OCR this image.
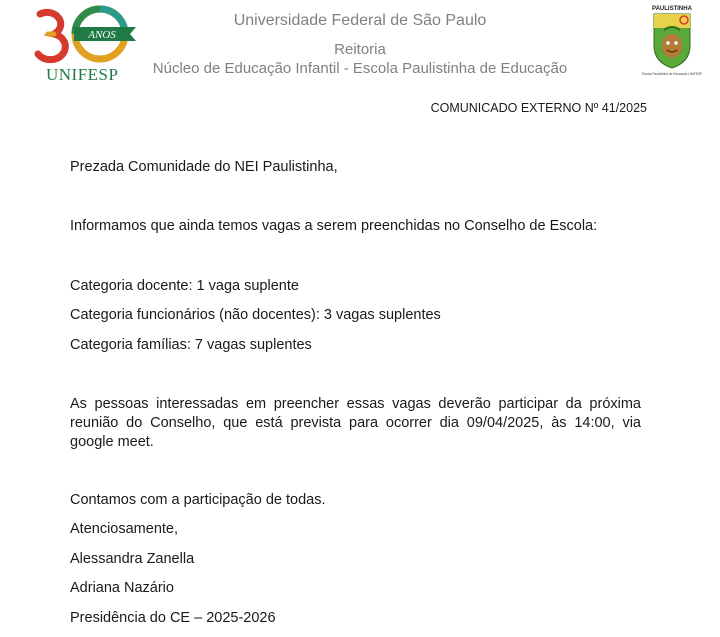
ANOS
UNIFESP
Universidade Federal de São Paulo
Reitoria
Núcleo de Educação Infantil - Escola Paulistinha de Educação
PAULISTINHA
Escola Paulistinha de Educação UNIFESP
COMUNICADO EXTERNO Nº 41/2025
Prezada Comunidade do NEI Paulistinha,
Informamos que ainda temos vagas a serem preenchidas no Conselho de Escola:
Categoria docente: 1 vaga suplente
Categoria funcionários (não docentes): 3 vagas suplentes
Categoria famílias: 7 vagas suplentes
As pessoas interessadas em preencher essas vagas deverão participar da próxima reunião do Conselho, que está prevista para ocorrer dia 09/04/2025, às 14:00, via google meet.
Contamos com a participação de todas.
Atenciosamente,
Alessandra Zanella
Adriana Nazário
Presidência do CE – 2025-2026
